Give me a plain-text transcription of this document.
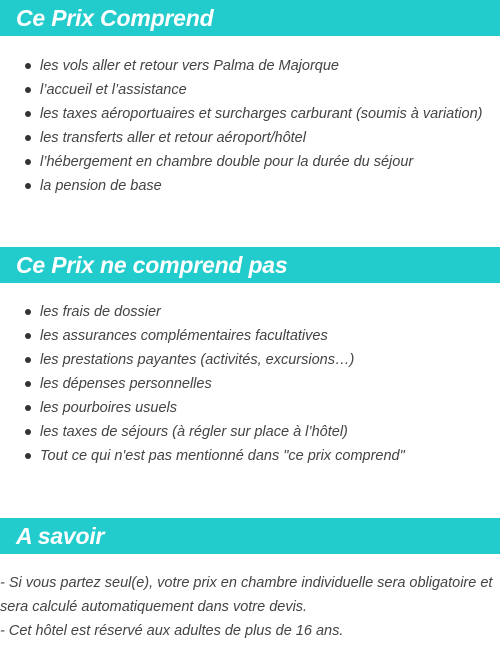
Ce Prix Comprend
les vols aller et retour vers Palma de Majorque
l’accueil et l’assistance
les taxes aéroportuaires et surcharges carburant (soumis à variation)
les transferts aller et retour aéroport/hôtel
l’hébergement en chambre double pour la durée du séjour
la pension de base
Ce Prix ne comprend pas
les frais de dossier
les assurances complémentaires facultatives
les prestations payantes (activités, excursions…)
les dépenses personnelles
les pourboires usuels
les taxes de séjours (à régler sur place à l’hôtel)
Tout ce qui n'est pas mentionné dans "ce prix comprend"
A savoir

- Si vous partez seul(e), votre prix en chambre individuelle sera obligatoire et sera calculé automatiquement dans votre devis.

- Cet hôtel est réservé aux adultes de plus de 16 ans.
